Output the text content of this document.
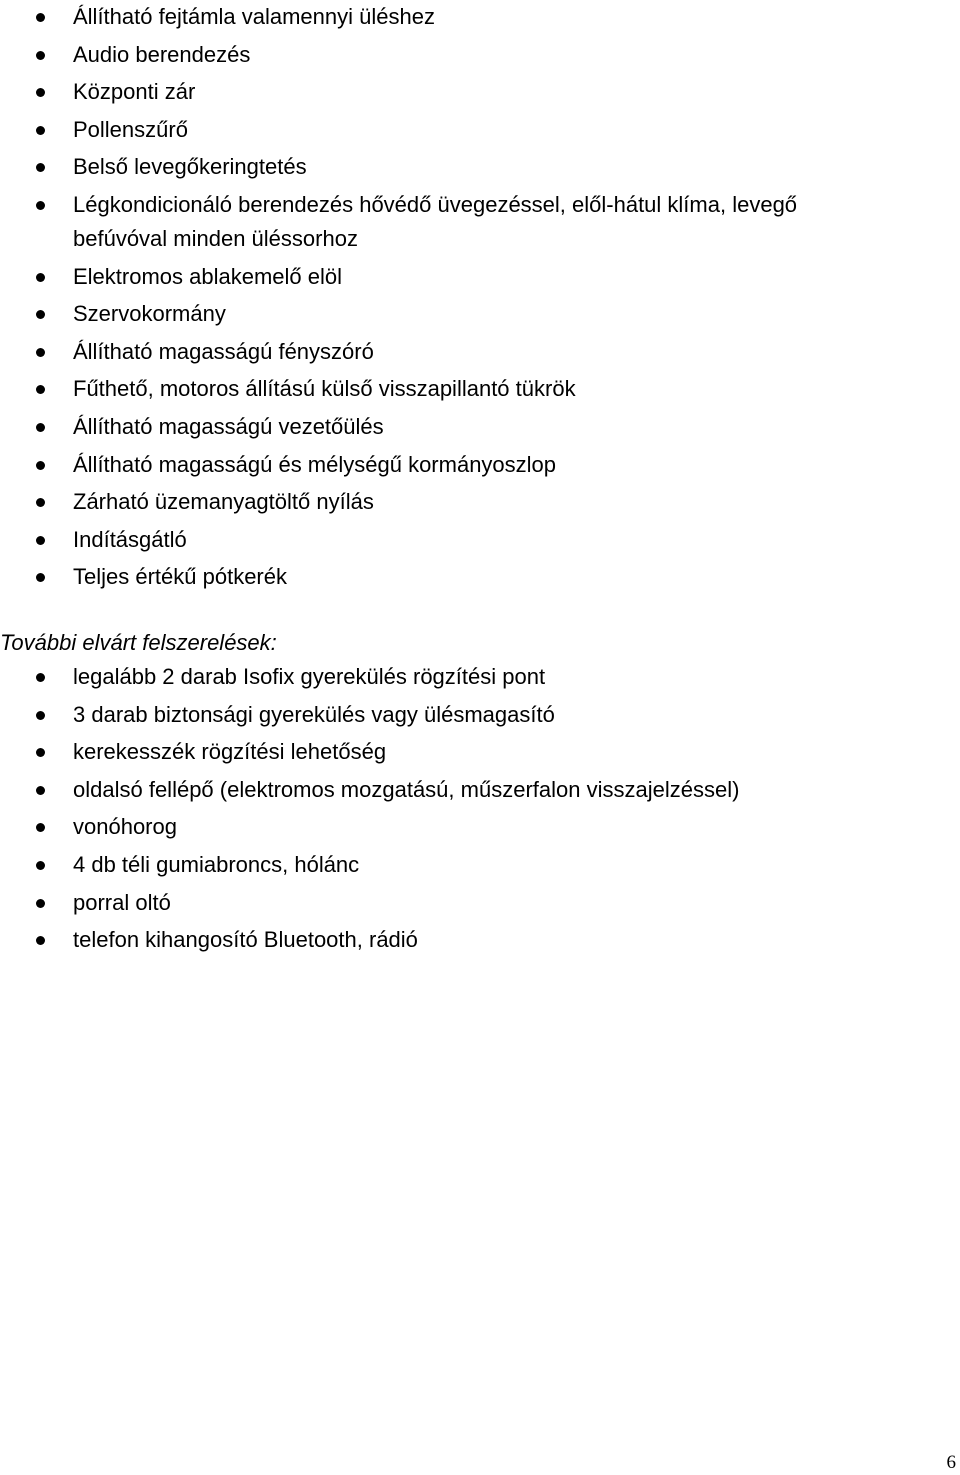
Állítható fejtámla valamennyi üléshez
Audio berendezés
Központi zár
Pollenszűrő
Belső levegőkeringtetés
Légkondicionáló berendezés hővédő üvegezéssel, elől-hátul klíma, levegő befúvóval minden üléssorhoz
Elektromos ablakemelő elöl
Szervokormány
Állítható magasságú fényszóró
Fűthető, motoros állítású külső visszapillantó tükrök
Állítható magasságú vezetőülés
Állítható magasságú és mélységű kormányoszlop
Zárható üzemanyagtöltő nyílás
Indításgátló
Teljes értékű pótkerék

További elvárt felszerelések:

legalább 2 darab Isofix gyerekülés rögzítési pont
3 darab biztonsági gyerekülés vagy ülésmagasító
kerekesszék rögzítési lehetőség
oldalsó fellépő (elektromos mozgatású, műszerfalon visszajelzéssel)
vonóhorog
4 db téli gumiabroncs, hólánc
porral oltó
telefon kihangosító Bluetooth, rádió
6
